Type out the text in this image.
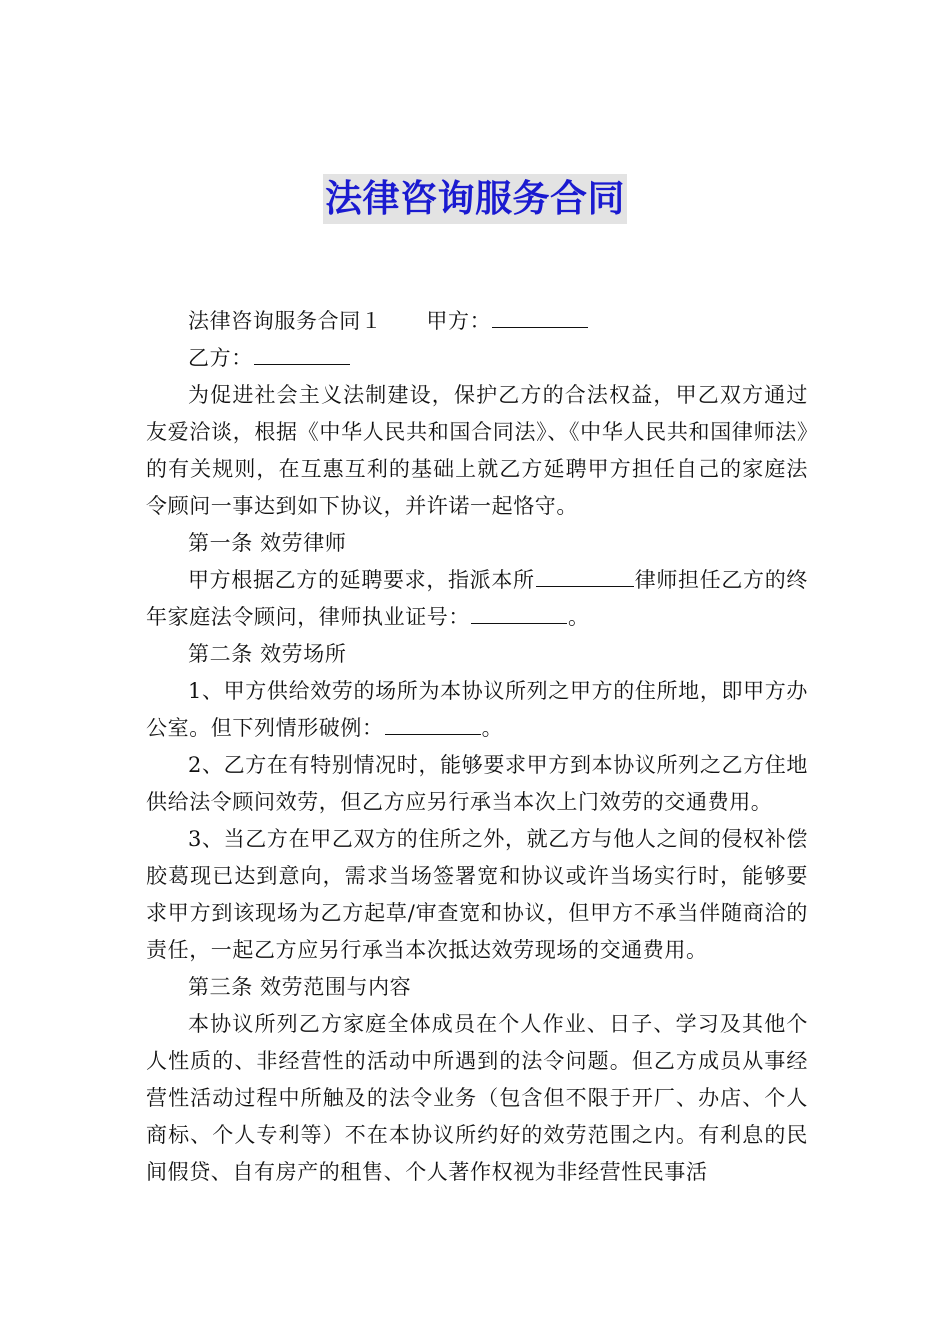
法律咨询服务合同

法律咨询服务合同１ 甲方：

乙方：

为促进社会主义法制建设，保护乙方的合法权益，甲乙双方通过友爱洽谈，根据《中华人民共和国合同法》、《中华人民共和国律师法》的有关规则，在互惠互利的基础上就乙方延聘甲方担任自己的家庭法令顾问一事达到如下协议，并许诺一起恪守。

第一条 效劳律师

甲方根据乙方的延聘要求，指派本所	律师担任乙方的终年家庭法令顾问，律师执业证号：	。

第二条 效劳场所

1、甲方供给效劳的场所为本协议所列之甲方的住所地，即甲方办公室。但下列情形破例：	。

2、乙方在有特别情况时，能够要求甲方到本协议所列之乙方住地供给法令顾问效劳，但乙方应另行承当本次上门效劳的交通费用。

3、当乙方在甲乙双方的住所之外，就乙方与他人之间的侵权补偿胶葛现已达到意向，需求当场签署宽和协议或许当场实行时，能够要求甲方到该现场为乙方起草/审查宽和协议，但甲方不承当伴随商洽的责任，一起乙方应另行承当本次抵达效劳现场的交通费用。

第三条 效劳范围与内容

本协议所列乙方家庭全体成员在个人作业、日子、学习及其他个人性质的、非经营性的活动中所遇到的法令问题。但乙方成员从事经营性活动过程中所触及的法令业务（包含但不限于开厂、办店、个人商标、个人专利等）不在本协议所约好的效劳范围之内。有利息的民间假贷、自有房产的租售、个人著作权视为非经营性民事活
